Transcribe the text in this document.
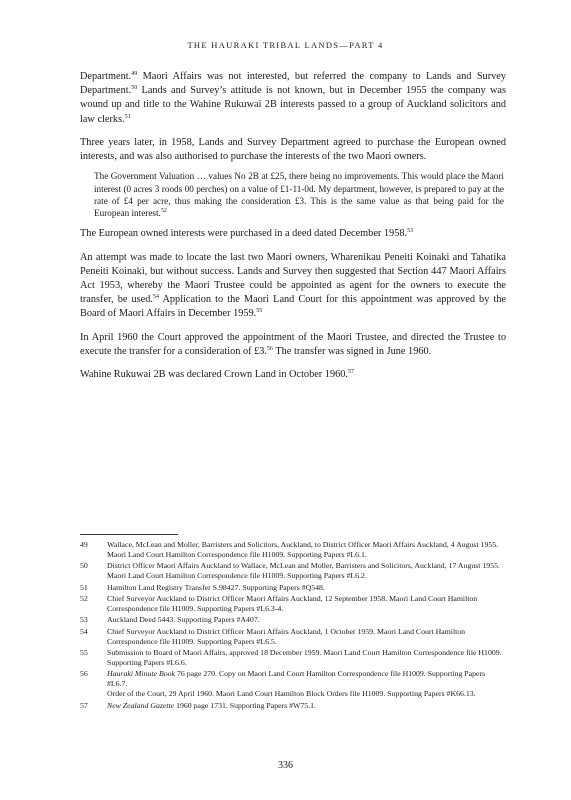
THE HAURAKI TRIBAL LANDS—PART 4

Department.$^{49}$ Maori Affairs was not interested, but referred the company to Lands and Survey Department.$^{50}$ Lands and Survey’s attitude is not known, but in December 1955 the company was wound up and title to the Wahine Rukuwai 2B interests passed to a group of Auckland solicitors and law clerks.$^{51}$

Three years later, in 1958, Lands and Survey Department agreed to purchase the European owned interests, and was also authorised to purchase the interests of the two Maori owners.

The Government Valuation … values No 2B at £25, there being no improvements. This would place the Maori interest (0 acres 3 roods 00 perches) on a value of £1-11-0d. My department, however, is prepared to pay at the rate of £4 per acre, thus making the consideration £3. This is the same value as that being paid for the European interest.$^{52}$

The European owned interests were purchased in a deed dated December 1958.53

An attempt was made to locate the last two Maori owners, Wharenikau Peneiti Koinaki and Tahatika Peneiti Koinaki, but without success. Lands and Survey then suggested that Section 447 Maori Affairs Act 1953, whereby the Maori Trustee could be appointed as agent for the owners to execute the transfer, be used.$^{54}$ Application to the Maori Land Court for this appointment was approved by the Board of Maori Affairs in December 1959.55

In April 1960 the Court approved the appointment of the Maori Trustee, and directed the Trustee to execute the transfer for a consideration of £3.56 The transfer was signed in June 1960.

Wahine Rukuwai 2B was declared Crown Land in October 1960.57

49	Wallace, McLean and Moller, Barristers and Solicitors, Auckland, to District Officer Maori Affairs Auckland, 4 August 1955. Maori Land Court Hamilton Correspondence file H1009. Supporting Papers #L6.1.
50	District Officer Maori Affairs Auckland to Wallace, McLean and Moller, Barristers and Solicitors, Auckland, 17 August 1955. Maori Land Court Hamilton Correspondence file H1009. Supporting Papers #L6.2.
51	Hamilton Land Registry Transfer S.98427. Supporting Papers #Q548.
52	Chief Surveyor Auckland to District Officer Maori Affairs Auckland, 12 September 1958. Maori Land Court Hamilton Correspondence file H1009. Supporting Papers #L6.3-4.
53	Auckland Deed 5443. Supporting Papers #A407.
54	Chief Surveyor Auckland to District Officer Maori Affairs Auckland, 1 October 1959. Maori Land Court Hamilton Correspondence file H1009. Supporting Papers #L6.5.
55	Submission to Board of Maori Affairs, approved 18 December 1959. Maori Land Court Hamilton Correspondence file H1009. Supporting Papers #L6.6.
56	Hauraki Minute Book 76 page 270. Copy on Maori Land Court Hamilton Correspondence file H1009. Supporting Papers #L6.7.
Order of the Court, 29 April 1960. Maori Land Court Hamilton Block Orders file H1009. Supporting Papers #K66.13.
57	New Zealand Gazette 1960 page 1731. Supporting Papers #W75.1.
336
